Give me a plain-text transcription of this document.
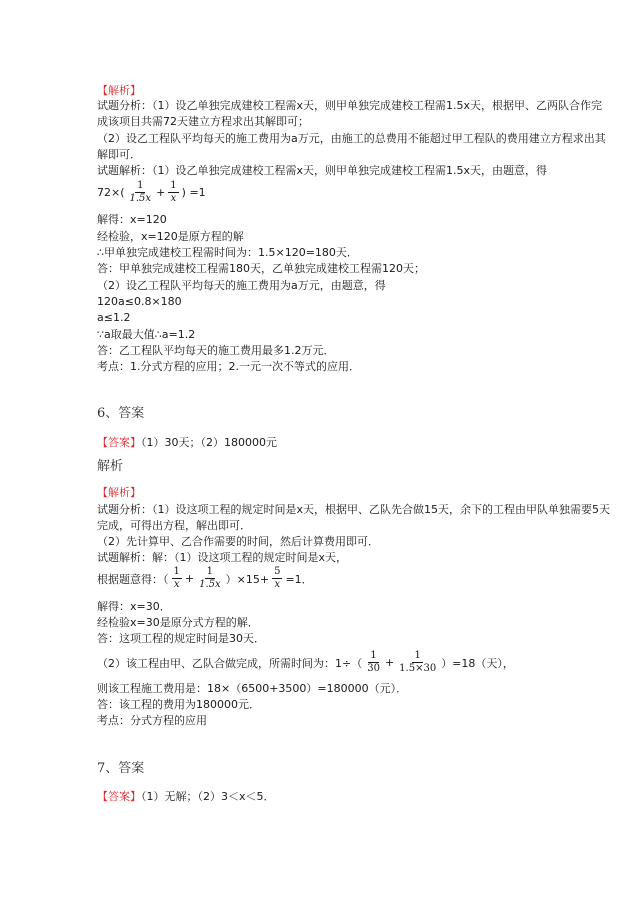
【解析】
试题分析：（1）设乙单独完成建校工程需x天，则甲单独完成建校工程需1.5x天，根据甲、乙两队合作完
成该项目共需72天建立方程求出其解即可；
（2）设乙工程队平均每天的施工费用为a万元，由施工的总费用不能超过甲工程队的费用建立方程求出其
解即可．
试题解析：（1）设乙单独完成建校工程需x天，则甲单独完成建校工程需1.5x天，由题意，得
$72\times( \frac{1}{1.5x} + \frac{1}{x}$ ) =1
解得：x=120
经检验，x=120是原方程的解
∴甲单独完成建校工程需时间为：1.5×120=180天．
答：甲单独完成建校工程需180天，乙单独完成建校工程需120天；
（2）设乙工程队平均每天的施工费用为a万元，由题意，得
120a≤0.8×180
a≤1.2
∵a取最大值∴a=1.2
答：乙工程队平均每天的施工费用最多1.2万元．
考点：1.分式方程的应用；2.一元一次不等式的应用．
6、答案
【答案】（1）30天；（2）180000元
解析
【解析】
试题分析：（1）设这项工程的规定时间是x天，根据甲、乙队先合做15天，余下的工程由甲队单独需要5天
完成，可得出方程，解出即可．
（2）先计算甲、乙合作需要的时间，然后计算费用即可．
试题解析：解：（1）设这项工程的规定时间是x天，
根据题意得：（ $\frac{1}{x} + \frac{1}{1.5x} )\times 15+ \frac{5}{x} =1$．
解得：x=30．
经检验x=30是原分式方程的解．
答：这项工程的规定时间是30天．
（2）该工程由甲、乙队合做完成，所需时间为：$1\div( \frac{1}{30} + \frac{1}{1.5\times 30} )=18$（天），
则该工程施工费用是：18×（6500+3500）=180000（元）．
答：该工程的费用为180000元．
考点：分式方程的应用
7、答案
【答案】（1）无解；（2）3＜x＜5．
